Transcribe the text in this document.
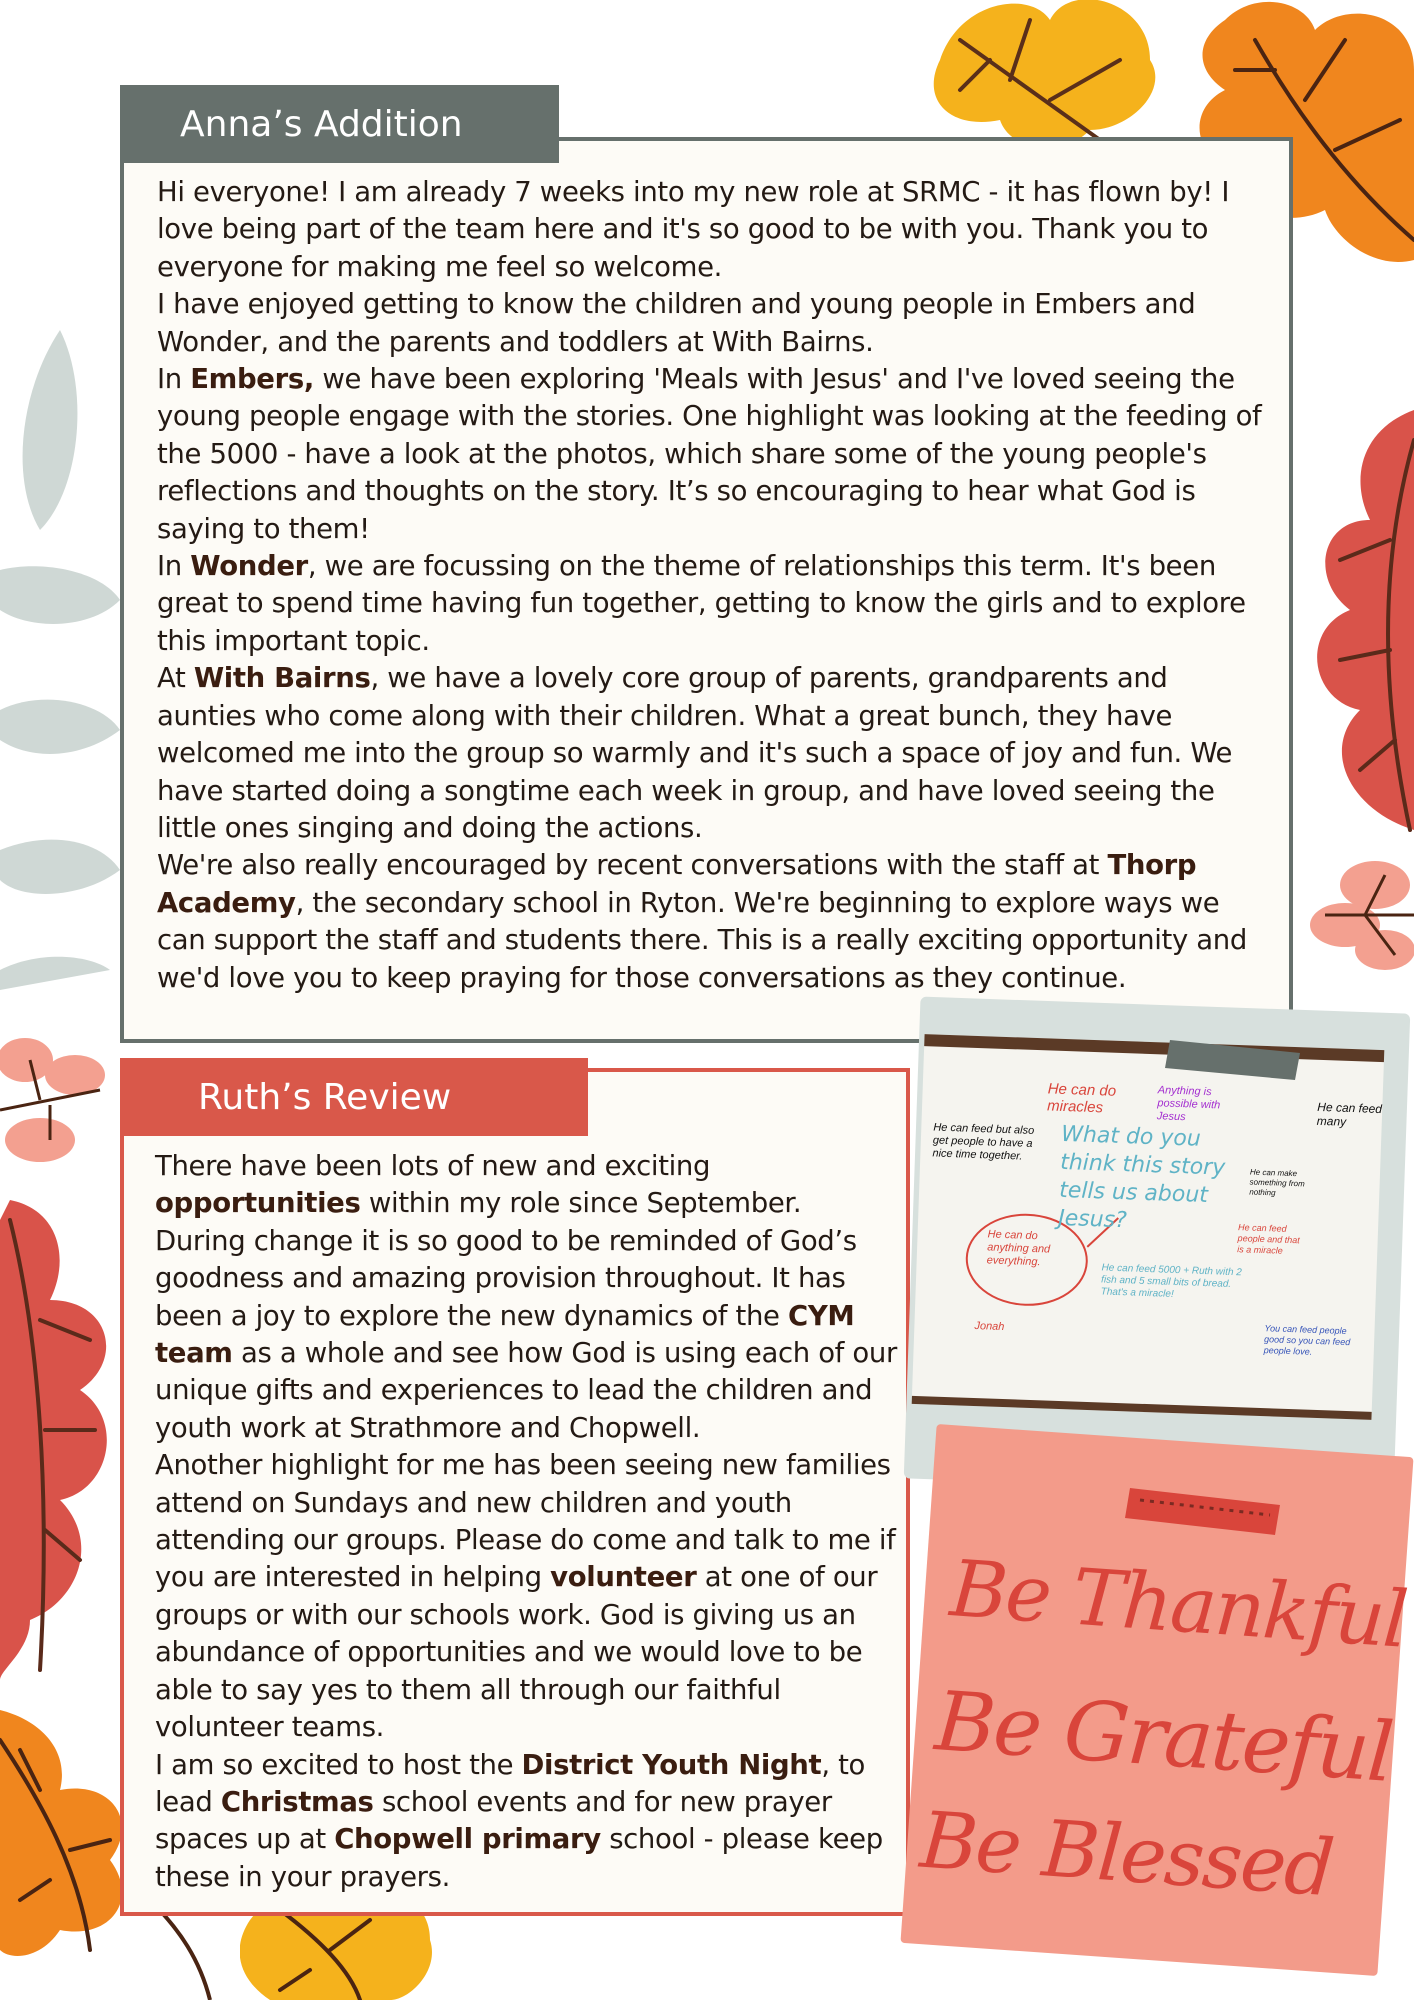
Anna’s Addition

Hi everyone! I am already 7 weeks into my new role at SRMC - it has flown by! I love being part of the team here and it's so good to be with you. Thank you to everyone for making me feel so welcome.

I have enjoyed getting to know the children and young people in Embers and Wonder, and the parents and toddlers at With Bairns.

In Embers, we have been exploring 'Meals with Jesus' and I've loved seeing the young people engage with the stories. One highlight was looking at the feeding of the 5000 - have a look at the photos, which share some of the young people's reflections and thoughts on the story. It’s so encouraging to hear what God is saying to them!

In Wonder, we are focussing on the theme of relationships this term. It's been great to spend time having fun together, getting to know the girls and to explore this important topic.

At With Bairns, we have a lovely core group of parents, grandparents and aunties who come along with their children. What a great bunch, they have welcomed me into the group so warmly and it's such a space of joy and fun. We have started doing a songtime each week in group, and have loved seeing the little ones singing and doing the actions.

We're also really encouraged by recent conversations with the staff at Thorp Academy, the secondary school in Ryton. We're beginning to explore ways we can support the staff and students there. This is a really exciting opportunity and we'd love you to keep praying for those conversations as they continue.

Ruth’s Review

There have been lots of new and exciting opportunities within my role since September. During change it is so good to be reminded of God’s goodness and amazing provision throughout. It has been a joy to explore the new dynamics of the CYM team as a whole and see how God is using each of our unique gifts and experiences to lead the children and youth work at Strathmore and Chopwell.

Another highlight for me has been seeing new families attend on Sundays and new children and youth attending our groups. Please do come and talk to me if you are interested in helping volunteer at one of our groups or with our schools work. God is giving us an abundance of opportunities and we would love to be able to say yes to them all through our faithful volunteer teams.

I am so excited to host the District Youth Night, to lead Christmas school events and for new prayer spaces up at Chopwell primary school - please keep these in your prayers.

What do you think this story tells us about Jesus?
He can do miracles
He can feed but also get people to have a nice time together.
Anything is possible with Jesus
He can make something from nothing
He can do anything and everything.
He can feed 5000 + Ruth with 2 fish and 5 small bits of bread. That's a miracle!
He can feed many
He can feed people and that is a miracle
You can feed people good so you can feed people love.
Jonah
Be Thankful
Be Grateful
Be Blessed
